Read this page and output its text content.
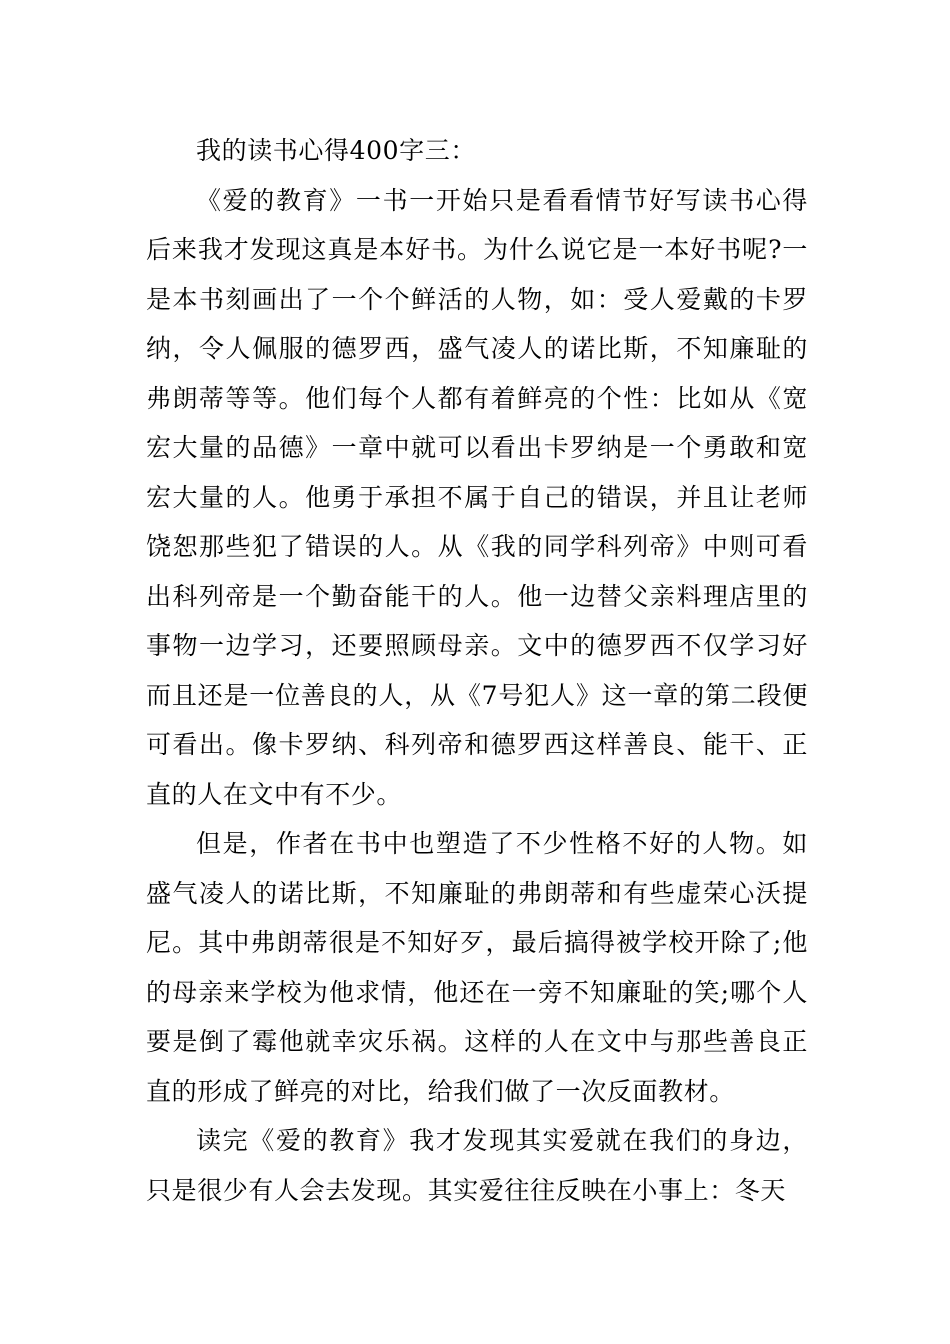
我的读书心得400字三：

《爱的教育》一书一开始只是看看情节好写读书心得后来我才发现这真是本好书。为什么说它是一本好书呢?一是本书刻画出了一个个鲜活的人物，如：受人爱戴的卡罗纳，令人佩服的德罗西，盛气凌人的诺比斯，不知廉耻的弗朗蒂等等。他们每个人都有着鲜亮的个性：比如从《宽宏大量的品德》一章中就可以看出卡罗纳是一个勇敢和宽宏大量的人。他勇于承担不属于自己的错误，并且让老师饶恕那些犯了错误的人。从《我的同学科列帝》中则可看出科列帝是一个勤奋能干的人。他一边替父亲料理店里的事物一边学习，还要照顾母亲。文中的德罗西不仅学习好而且还是一位善良的人，从《7号犯人》这一章的第二段便可看出。像卡罗纳、科列帝和德罗西这样善良、能干、正直的人在文中有不少。

但是，作者在书中也塑造了不少性格不好的人物。如盛气凌人的诺比斯，不知廉耻的弗朗蒂和有些虚荣心沃提尼。其中弗朗蒂很是不知好歹，最后搞得被学校开除了;他的母亲来学校为他求情，他还在一旁不知廉耻的笑;哪个人要是倒了霉他就幸灾乐祸。这样的人在文中与那些善良正直的形成了鲜亮的对比，给我们做了一次反面教材。

读完《爱的教育》我才发现其实爱就在我们的身边，只是很少有人会去发现。其实爱往往反映在小事上：冬天
